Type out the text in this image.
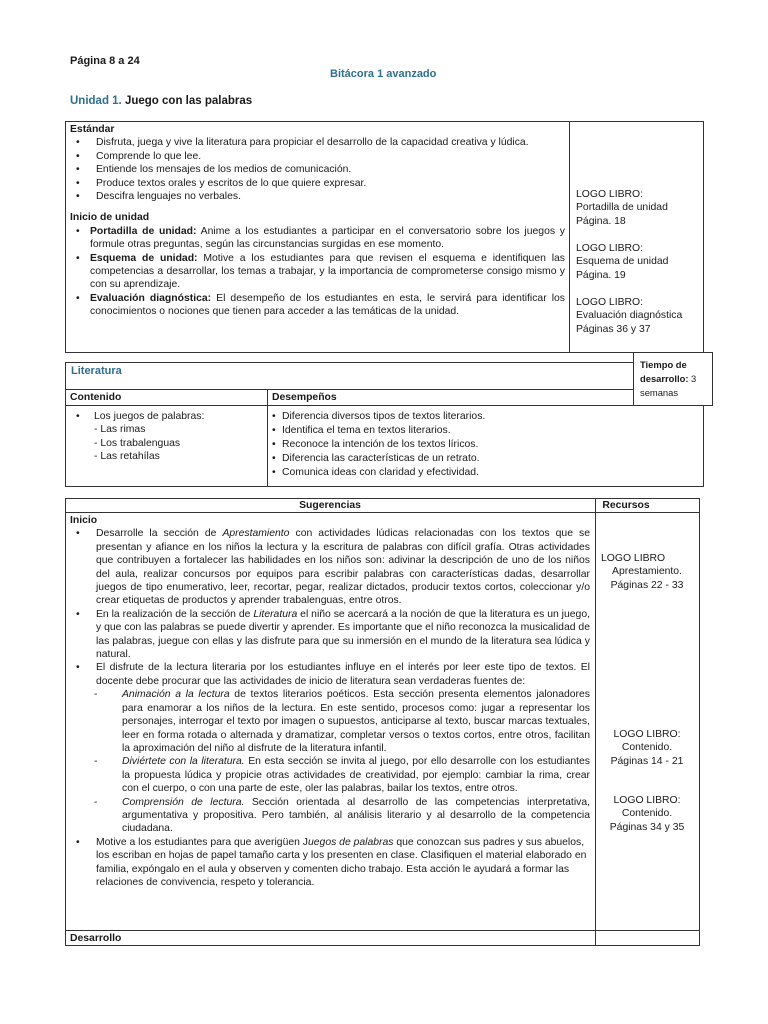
Página 8 a 24
Bitácora 1 avanzado
Unidad 1. Juego con las palabras
Estándar
• Disfruta, juega y vive la literatura para propiciar el desarrollo de la capacidad creativa y lúdica.
• Comprende lo que lee.
• Entiende los mensajes de los medios de comunicación.
• Produce textos orales y escritos de lo que quiere expresar.
• Descifra lenguajes no verbales.
Inicio de unidad
• Portadilla de unidad: Anime a los estudiantes a participar en el conversatorio sobre los juegos y formule otras preguntas, según las circunstancias surgidas en ese momento.
• Esquema de unidad: Motive a los estudiantes para que revisen el esquema e identifiquen las competencias a desarrollar, los temas a trabajar, y la importancia de comprometerse consigo mismo y con su aprendizaje.
• Evaluación diagnóstica: El desempeño de los estudiantes en esta, le servirá para identificar los conocimientos o nociones que tienen para acceder a las temáticas de la unidad.
LOGO LIBRO:
Portadilla de unidad
Página. 18
LOGO LIBRO:
Esquema de unidad
Página. 19
LOGO LIBRO:
Evaluación diagnóstica
Páginas 36 y 37
Literatura
Contenido	Desempeños
• Los juegos de palabras:
- Las rimas
- Los trabalenguas
- Las retahílas
• Diferencia diversos tipos de textos literarios.
• Identifica el tema en textos literarios.
• Reconoce la intención de los textos líricos.
• Diferencia las características de un retrato.
• Comunica ideas con claridad y efectividad.
Tiempo de desarrollo: 3 semanas
Sugerencias	Recursos
Inicio
• Desarrolle la sección de Aprestamiento con actividades lúdicas relacionadas con los textos que se presentan y afiance en los niños la lectura y la escritura de palabras con difícil grafía. Otras actividades que contribuyen a fortalecer las habilidades en los niños son: adivinar la descripción de uno de los niños del aula, realizar concursos por equipos para escribir palabras con características dadas, desarrollar juegos de tipo enumerativo, leer, recortar, pegar, realizar dictados, producir textos cortos, coleccionar y/o crear etiquetas de productos y aprender trabalenguas, entre otros.
• En la realización de la sección de Literatura el niño se acercará a la noción de que la literatura es un juego, y que con las palabras se puede divertir y aprender. Es importante que el niño reconozca la musicalidad de las palabras, juegue con ellas y las disfrute para que su inmersión en el mundo de la literatura sea lúdica y natural.
• El disfrute de la lectura literaria por los estudiantes influye en el interés por leer este tipo de textos. El docente debe procurar que las actividades de inicio de literatura sean verdaderas fuentes de:
- Animación a la lectura de textos literarios poéticos. Esta sección presenta elementos jalonadores para enamorar a los niños de la lectura. En este sentido, procesos como: jugar a representar los personajes, interrogar el texto por imagen o supuestos, anticiparse al texto, buscar marcas textuales, leer en forma rotada o alternada y dramatizar, completar versos o textos cortos, entre otros, facilitan la aproximación del niño al disfrute de la literatura infantil.
- Diviértete con la literatura. En esta sección se invita al juego, por ello desarrolle con los estudiantes la propuesta lúdica y propicie otras actividades de creatividad, por ejemplo: cambiar la rima, crear con el cuerpo, o con una parte de este, oler las palabras, bailar los textos, entre otros.
- Comprensión de lectura. Sección orientada al desarrollo de las competencias interpretativa, argumentativa y propositiva. Pero también, al análisis literario y al desarrollo de la competencia ciudadana.
• Motive a los estudiantes para que averigüen Juegos de palabras que conozcan sus padres y sus abuelos, los escriban en hojas de papel tamaño carta y los presenten en clase. Clasifiquen el material elaborado en familia, expóngalo en el aula y observen y comenten dicho trabajo. Esta acción le ayudará a formar las relaciones de convivencia, respeto y tolerancia.
Desarrollo
LOGO LIBRO
Aprestamiento.
Páginas 22 - 33
LOGO LIBRO:
Contenido.
Páginas 14 - 21
LOGO LIBRO:
Contenido.
Páginas 34 y 35
